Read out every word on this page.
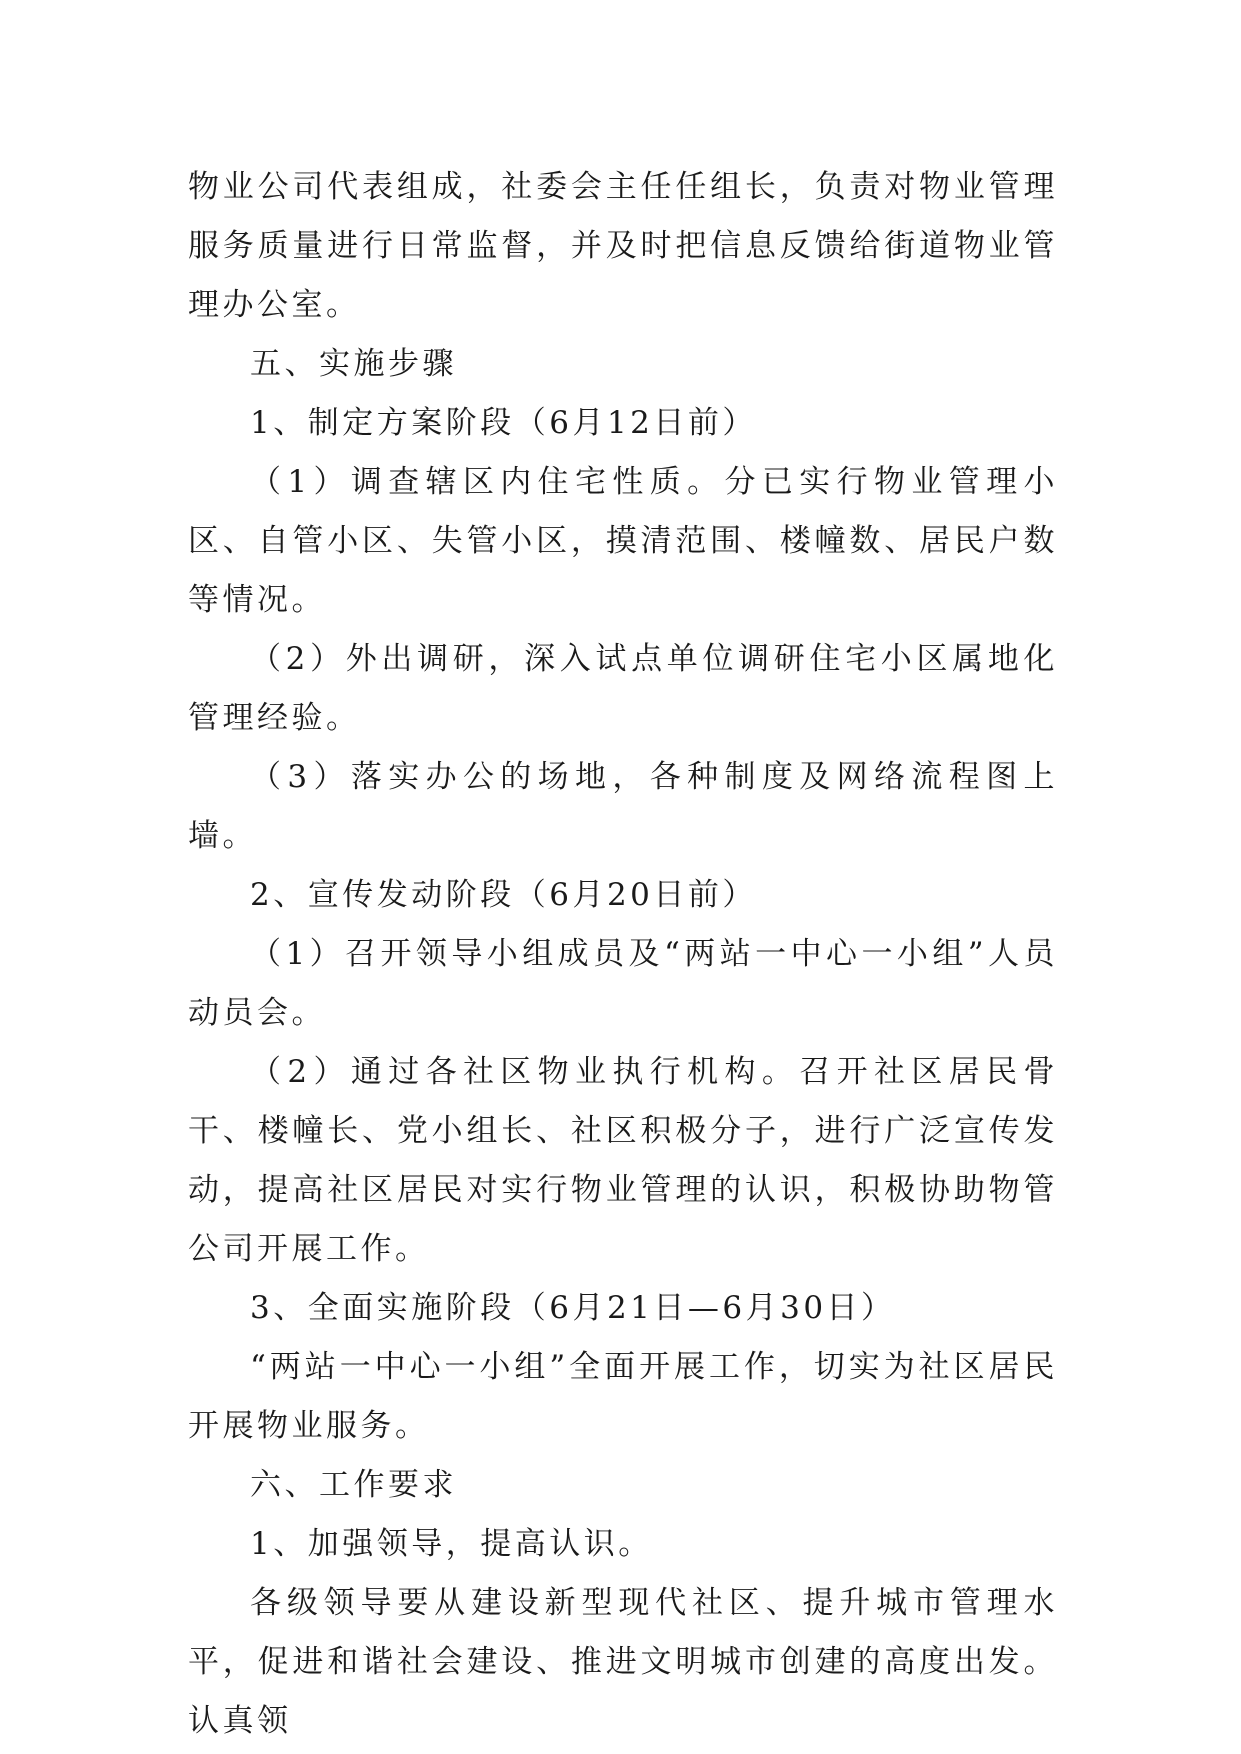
物业公司代表组成，社委会主任任组长，负责对物业管理服务质量进行日常监督，并及时把信息反馈给街道物业管理办公室。

五、实施步骤

1、制定方案阶段（6月12日前）

（1）调查辖区内住宅性质。分已实行物业管理小区、自管小区、失管小区，摸清范围、楼幢数、居民户数等情况。

（2）外出调研，深入试点单位调研住宅小区属地化管理经验。

（3）落实办公的场地，各种制度及网络流程图上墙。

2、宣传发动阶段（6月20日前）

（1）召开领导小组成员及“两站一中心一小组”人员动员会。

（2）通过各社区物业执行机构。召开社区居民骨干、楼幢长、党小组长、社区积极分子，进行广泛宣传发动，提高社区居民对实行物业管理的认识，积极协助物管公司开展工作。

3、全面实施阶段（6月21日—6月30日）

“两站一中心一小组”全面开展工作，切实为社区居民开展物业服务。

六、工作要求

1、加强领导，提高认识。

各级领导要从建设新型现代社区、提升城市管理水平，促进和谐社会建设、推进文明城市创建的高度出发。认真领
